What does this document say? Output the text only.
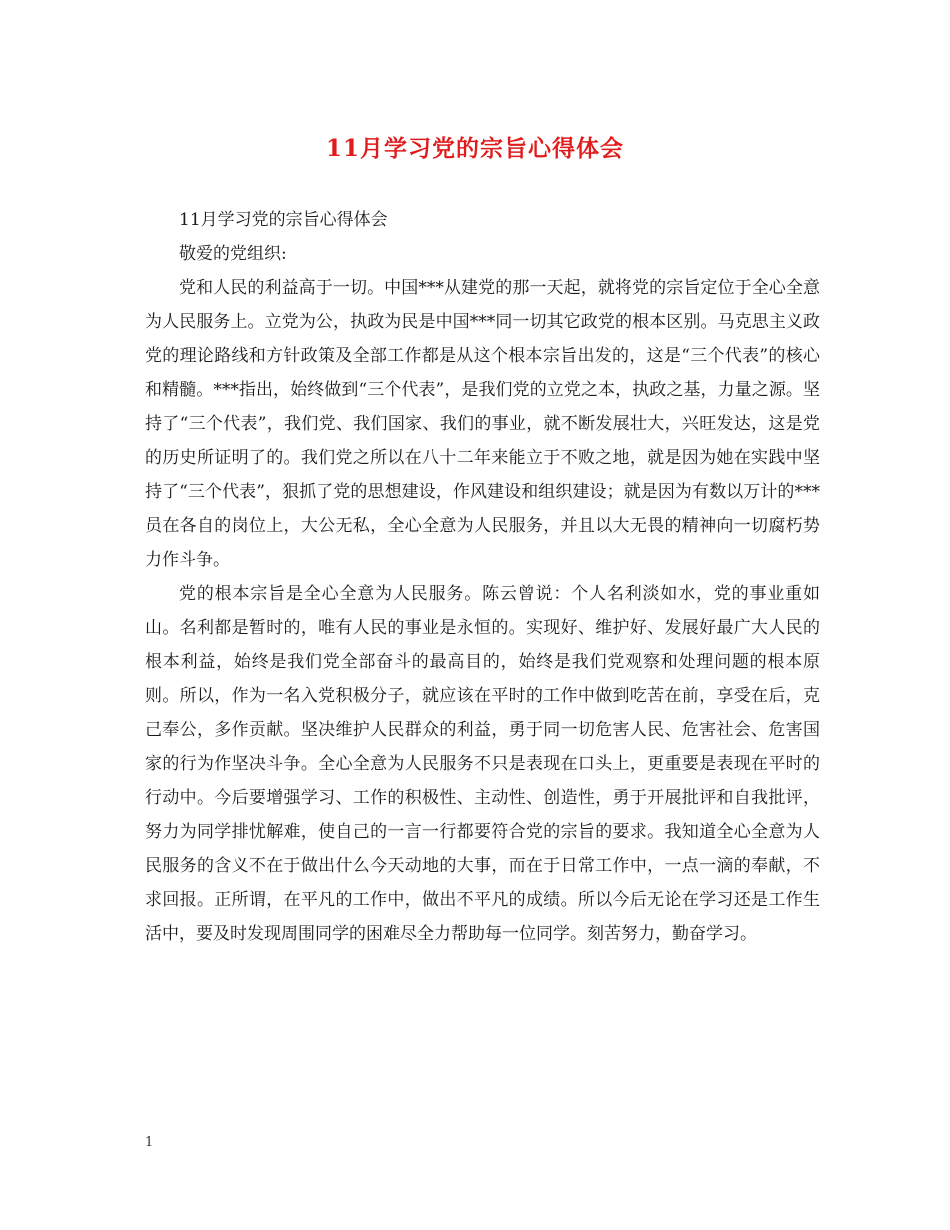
11月学习党的宗旨心得体会

11月学习党的宗旨心得体会

敬爱的党组织:

党和人民的利益高于一切。中国***从建党的那一天起，就将党的宗旨定位于全心全意为人民服务上。立党为公，执政为民是中国***同一切其它政党的根本区别。马克思主义政党的理论路线和方针政策及全部工作都是从这个根本宗旨出发的，这是“三个代表”的核心和精髓。***指出，始终做到“三个代表”，是我们党的立党之本，执政之基，力量之源。坚持了“三个代表”，我们党、我们国家、我们的事业，就不断发展壮大，兴旺发达，这是党的历史所证明了的。我们党之所以在八十二年来能立于不败之地，就是因为她在实践中坚持了“三个代表”，狠抓了党的思想建设，作风建设和组织建设；就是因为有数以万计的***员在各自的岗位上，大公无私，全心全意为人民服务，并且以大无畏的精神向一切腐朽势力作斗争。

党的根本宗旨是全心全意为人民服务。陈云曾说：个人名利淡如水，党的事业重如山。名利都是暂时的，唯有人民的事业是永恒的。实现好、维护好、发展好最广大人民的根本利益，始终是我们党全部奋斗的最高目的，始终是我们党观察和处理问题的根本原则。所以，作为一名入党积极分子，就应该在平时的工作中做到吃苦在前，享受在后，克己奉公，多作贡献。坚决维护人民群众的利益，勇于同一切危害人民、危害社会、危害国家的行为作坚决斗争。全心全意为人民服务不只是表现在口头上，更重要是表现在平时的行动中。今后要增强学习、工作的积极性、主动性、创造性，勇于开展批评和自我批评，努力为同学排忧解难，使自己的一言一行都要符合党的宗旨的要求。我知道全心全意为人民服务的含义不在于做出什么今天动地的大事，而在于日常工作中，一点一滴的奉献，不求回报。正所谓，在平凡的工作中，做出不平凡的成绩。所以今后无论在学习还是工作生活中，要及时发现周围同学的困难尽全力帮助每一位同学。刻苦努力，勤奋学习。

1
